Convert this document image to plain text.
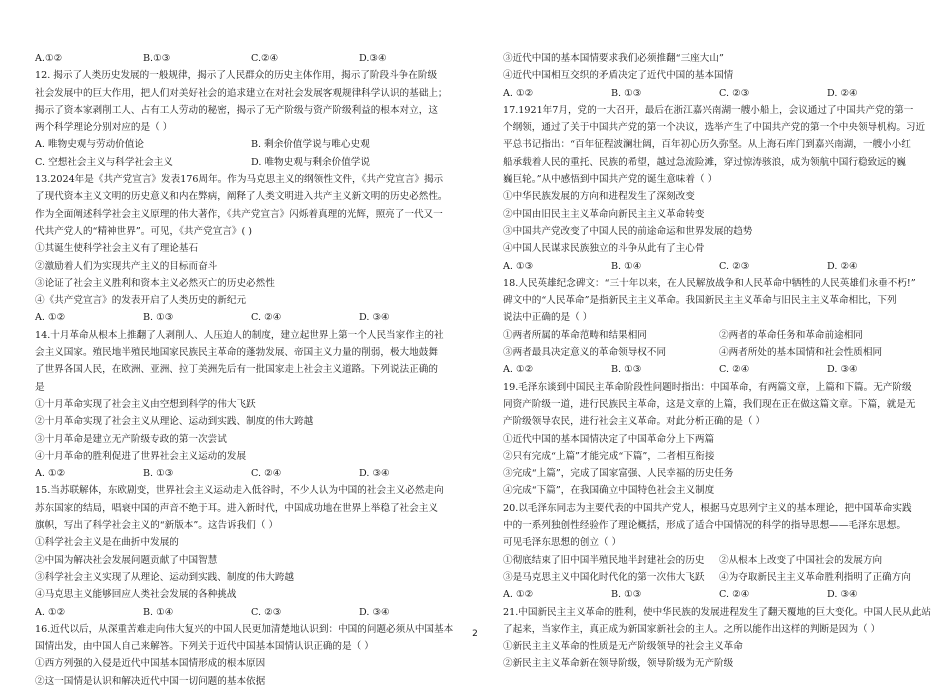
A.①②	B.①③	C.②④	D.③④
12. 揭示了人类历史发展的一般规律，揭示了人民群众的历史主体作用，揭示了阶段斗争在阶级
社会发展中的巨大作用，把人们对美好社会的追求建立在对社会发展客观规律科学认识的基础上；
揭示了资本家剥削工人、占有工人劳动的秘密，揭示了无产阶级与资产阶级利益的根本对立，这
两个科学理论分别对应的是（ ）
A. 唯物史观与劳动价值论	B. 剩余价值学说与唯心史观
C. 空想社会主义与科学社会主义	D. 唯物史观与剩余价值学说
13.2024年是《共产党宣言》发表176周年。作为马克思主义的纲领性文件，《共产党宣言》揭示
了现代资本主义文明的历史意义和内在弊病，阐释了人类文明进入共产主义新文明的历史必然性。
作为全面阐述科学社会主义原理的伟大著作，《共产党宣言》闪烁着真理的光辉，照亮了一代又一
代共产党人的“精神世界”。可见，《共产党宣言》( )
①其诞生使科学社会主义有了理论基石
②激励着人们为实现共产主义的目标而奋斗
③论证了社会主义胜利和资本主义必然灭亡的历史必然性
④《共产党宣言》的发表开启了人类历史的新纪元
A. ①②	B. ①③	C. ②④	D. ③④
14.十月革命从根本上推翻了人剥削人、人压迫人的制度，建立起世界上第一个人民当家作主的社
会主义国家。殖民地半殖民地国家民族民主革命的蓬勃发展、帝国主义力量的削弱，极大地鼓舞
了世界各国人民，在欧洲、亚洲、拉丁美洲先后有一批国家走上社会主义道路。下列说法正确的
是
①十月革命实现了社会主义由空想到科学的伟大飞跃
②十月革命实现了社会主义从理论、运动到实践、制度的伟大跨越
③十月革命是建立无产阶级专政的第一次尝试
④十月革命的胜利促进了世界社会主义运动的发展
A. ①②	B. ①③	C. ②④	D. ③④
15.当苏联解体，东欧剧变，世界社会主义运动走入低谷时，不少人认为中国的社会主义必然走向
苏东国家的结局，唱衰中国的声音不绝于耳。进入新时代，中国成功地在世界上举稳了社会主义
旗帜，写出了科学社会主义的“新版本”。这告诉我们（ ）
①科学社会主义是在曲折中发展的
②中国为解决社会发展问题贡献了中国智慧
③科学社会主义实现了从理论、运动到实践、制度的伟大跨越
④马克思主义能够回应人类社会发展的各种挑战
A. ①②	B. ①④	C. ②③	D. ③④
16.近代以后，从深重苦难走向伟大复兴的中国人民更加清楚地认识到：中国的问题必须从中国基本
国情出发，由中国人自己来解答。下列关于近代中国基本国情认识正确的是（ ）
①西方列强的入侵是近代中国基本国情形成的根本原因
②这一国情是认识和解决近代中国一切问题的基本依据
③近代中国的基本国情要求我们必须推翻“三座大山”
④近代中国相互交织的矛盾决定了近代中国的基本国情
A. ①②	B. ①③	C. ②③	D. ②④
17.1921年7月，党的一大召开，最后在浙江嘉兴南湖一艘小船上，会议通过了中国共产党的第一
个纲领，通过了关于中国共产党的第一个决议，选举产生了中国共产党的第一个中央领导机构。习近
平总书记指出：“百年征程波澜壮阔，百年初心历久弥坚。从上海石库门到嘉兴南湖，一艘小小红
船承载着人民的重托、民族的希望，越过急流险滩，穿过惊涛骇浪，成为领航中国行稳致远的巍
巍巨轮。”从中感悟到中国共产党的诞生意味着（ ）
①中华民族发展的方向和进程发生了深刻改变
②中国由旧民主主义革命向新民主主义革命转变
③中国共产党改变了中国人民的前途命运和世界发展的趋势
④中国人民谋求民族独立的斗争从此有了主心骨
A. ①③	B. ①④	C. ②③	D. ②④
18.人民英雄纪念碑文：“三十年以来，在人民解放战争和人民革命中牺牲的人民英雄们永垂不朽!”
碑文中的“人民革命”是指新民主主义革命。我国新民主主义革命与旧民主主义革命相比，下列
说法中正确的是（ ）
①两者所属的革命范畴和结果相同	②两者的革命任务和革命前途相同
③两者最具决定意义的革命领导权不同	④两者所处的基本国情和社会性质相同
A. ①②	B. ①③	C. ②④	D. ③④
19.毛泽东谈到中国民主革命阶段性问题时指出：中国革命，有两篇文章，上篇和下篇。无产阶级
同资产阶级一道，进行民族民主革命，这是文章的上篇，我们现在正在做这篇文章。下篇，就是无
产阶级领导农民，进行社会主义革命。对此分析正确的是（ ）
①近代中国的基本国情决定了中国革命分上下两篇
②只有完成“上篇”才能完成“下篇”，二者相互衔接
③完成“上篇”，完成了国家富强、人民幸福的历史任务
④完成“下篇”，在我国确立中国特色社会主义制度
20.以毛泽东同志为主要代表的中国共产党人，根据马克思列宁主义的基本理论，把中国革命实践
中的一系列独创性经验作了理论概括，形成了适合中国情况的科学的指导思想——毛泽东思想。
可见毛泽东思想的创立（ ）
①彻底结束了旧中国半殖民地半封建社会的历史	②从根本上改变了中国社会的发展方向
③是马克思主义中国化时代化的第一次伟大飞跃	④为夺取新民主主义革命胜利指明了正确方向
A. ①②	B. ①③	C. ②④	D. ③④
21.中国新民主主义革命的胜利，使中华民族的发展进程发生了翻天覆地的巨大变化。中国人民从此站
了起来，当家作主，真正成为新国家新社会的主人。之所以能作出这样的判断是因为（ ）
①新民主主义革命的性质是无产阶级领导的社会主义革命
②新民主主义革命新在领导阶级，领导阶级为无产阶级
2
